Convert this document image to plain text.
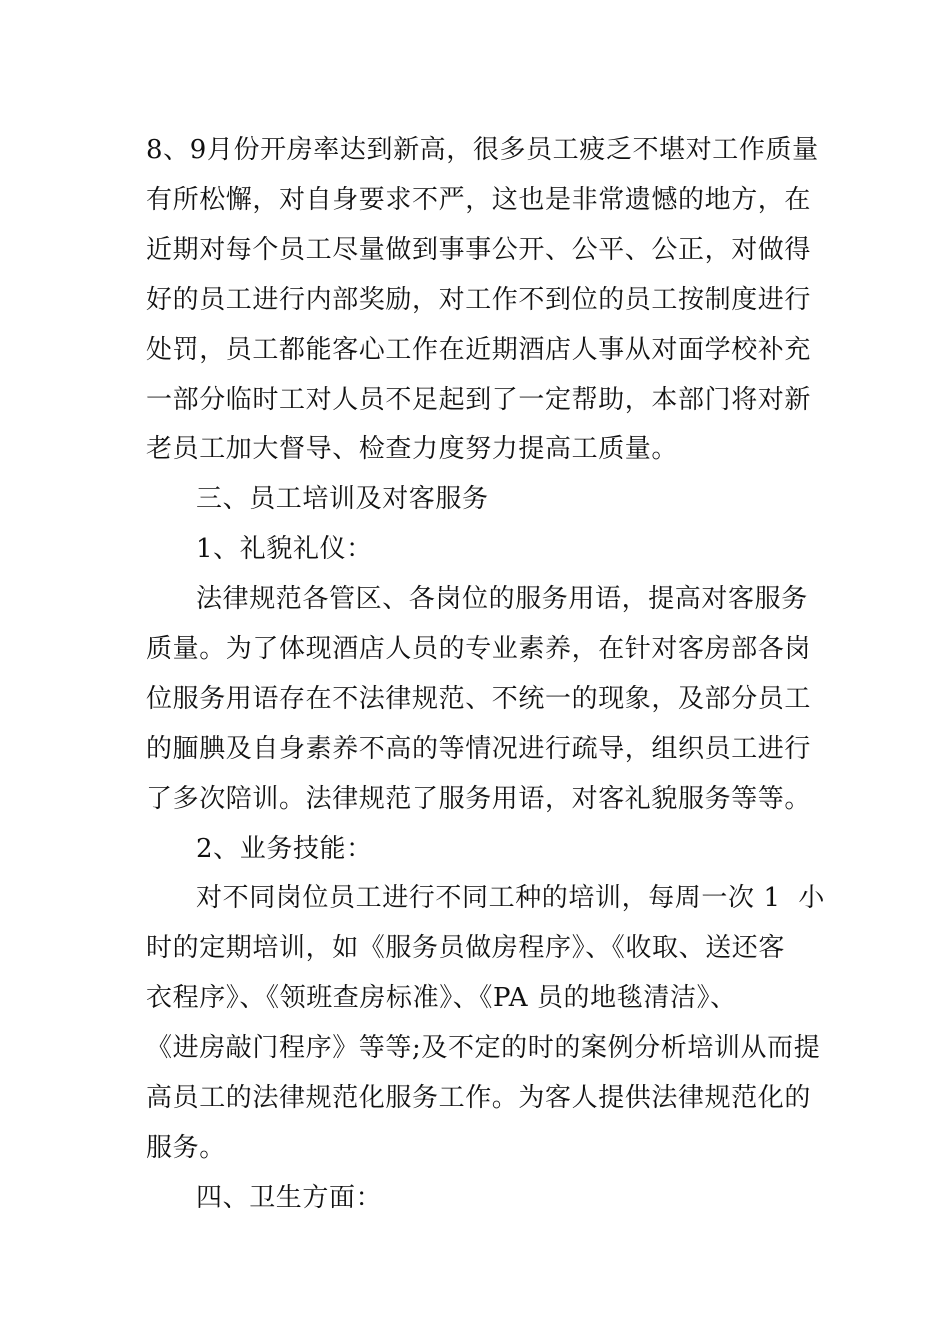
8、9月份开房率达到新高，很多员工疲乏不堪对工作质量
有所松懈，对自身要求不严，这也是非常遗憾的地方，在
近期对每个员工尽量做到事事公开、公平、公正，对做得
好的员工进行内部奖励，对工作不到位的员工按制度进行
处罚，员工都能客心工作在近期酒店人事从对面学校补充
一部分临时工对人员不足起到了一定帮助，本部门将对新
老员工加大督导、检查力度努力提高工质量。
三、员工培训及对客服务
1、礼貌礼仪：
法律规范各管区、各岗位的服务用语，提高对客服务
质量。为了体现酒店人员的专业素养，在针对客房部各岗
位服务用语存在不法律规范、不统一的现象，及部分员工
的腼腆及自身素养不高的等情况进行疏导，组织员工进行
了多次陪训。法律规范了服务用语，对客礼貌服务等等。
2、业务技能：
对不同岗位员工进行不同工种的培训，每周一次 1  小
时的定期培训，如《服务员做房程序》、《收取、送还客
衣程序》、《领班查房标准》、《PA 员的地毯清洁》、
《进房敲门程序》等等;及不定的时的案例分析培训从而提
高员工的法律规范化服务工作。为客人提供法律规范化的
服务。
四、卫生方面：
